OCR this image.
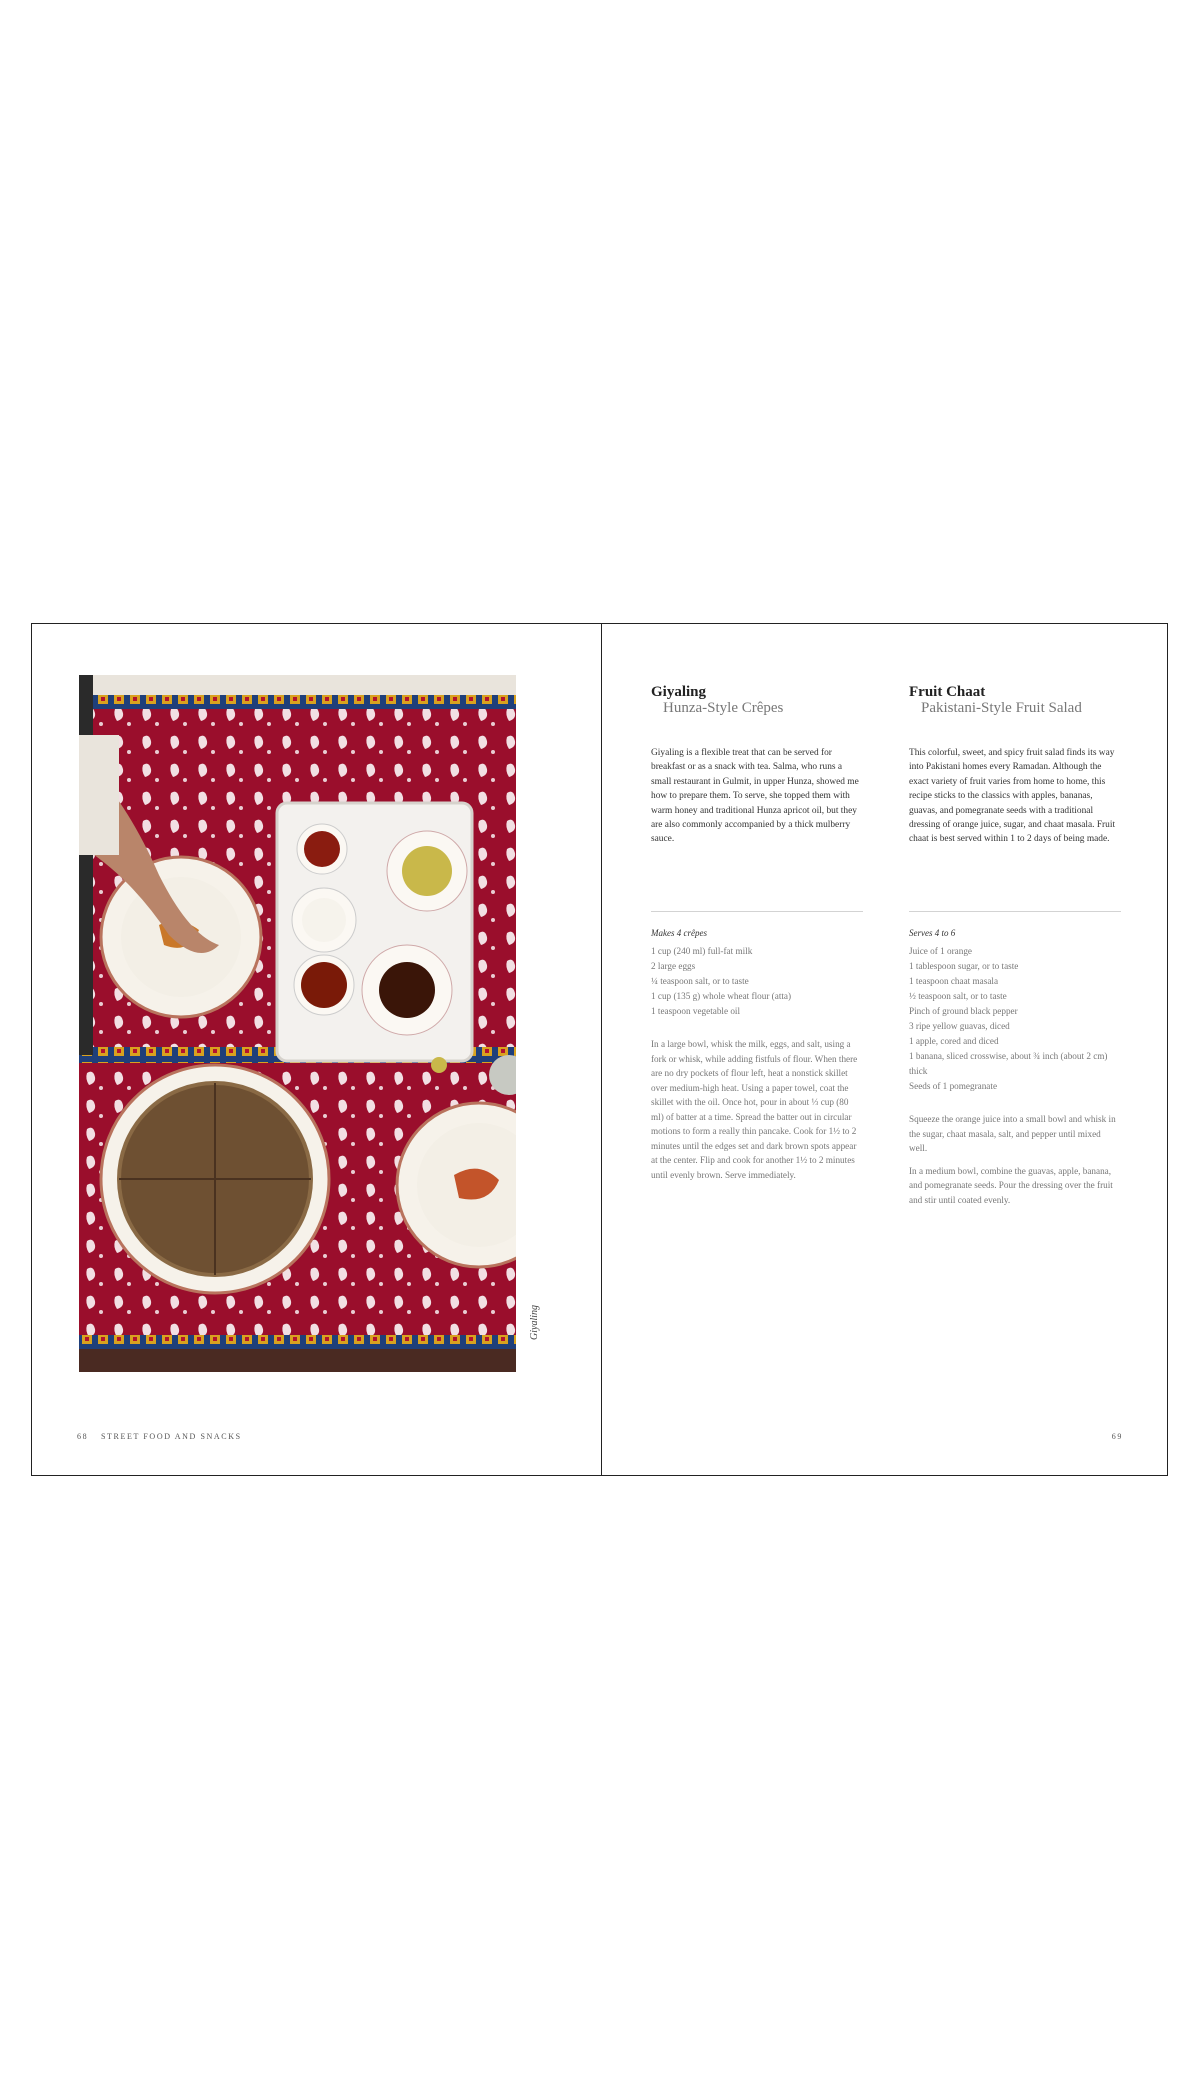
Giyaling
68 STREET FOOD AND SNACKS
Giyaling
Hunza-Style Crêpes
Giyaling is a flexible treat that can be served for breakfast or as a snack with tea. Salma, who runs a small restaurant in Gulmit, in upper Hunza, showed me how to prepare them. To serve, she topped them with warm honey and traditional Hunza apricot oil, but they are also commonly accompanied by a thick mulberry sauce.
Makes 4 crêpes
1 cup (240 ml) full-fat milk
2 large eggs
¼ teaspoon salt, or to taste
1 cup (135 g) whole wheat flour (atta)
1 teaspoon vegetable oil

In a large bowl, whisk the milk, eggs, and salt, using a fork or whisk, while adding fistfuls of flour. When there are no dry pockets of flour left, heat a nonstick skillet over medium-high heat. Using a paper towel, coat the skillet with the oil. Once hot, pour in about ⅓ cup (80 ml) of batter at a time. Spread the batter out in circular motions to form a really thin pancake. Cook for 1½ to 2 minutes until the edges set and dark brown spots appear at the center. Flip and cook for another 1½ to 2 minutes until evenly brown. Serve immediately.

Fruit Chaat
Pakistani-Style Fruit Salad
This colorful, sweet, and spicy fruit salad finds its way into Pakistani homes every Ramadan. Although the exact variety of fruit varies from home to home, this recipe sticks to the classics with apples, bananas, guavas, and pomegranate seeds with a traditional dressing of orange juice, sugar, and chaat masala. Fruit chaat is best served within 1 to 2 days of being made.
Serves 4 to 6
Juice of 1 orange
1 tablespoon sugar, or to taste
1 teaspoon chaat masala
½ teaspoon salt, or to taste
Pinch of ground black pepper
3 ripe yellow guavas, diced
1 apple, cored and diced
1 banana, sliced crosswise, about ¾ inch (about 2 cm) thick
Seeds of 1 pomegranate

Squeeze the orange juice into a small bowl and whisk in the sugar, chaat masala, salt, and pepper until mixed well.

In a medium bowl, combine the guavas, apple, banana, and pomegranate seeds. Pour the dressing over the fruit and stir until coated evenly.

69
